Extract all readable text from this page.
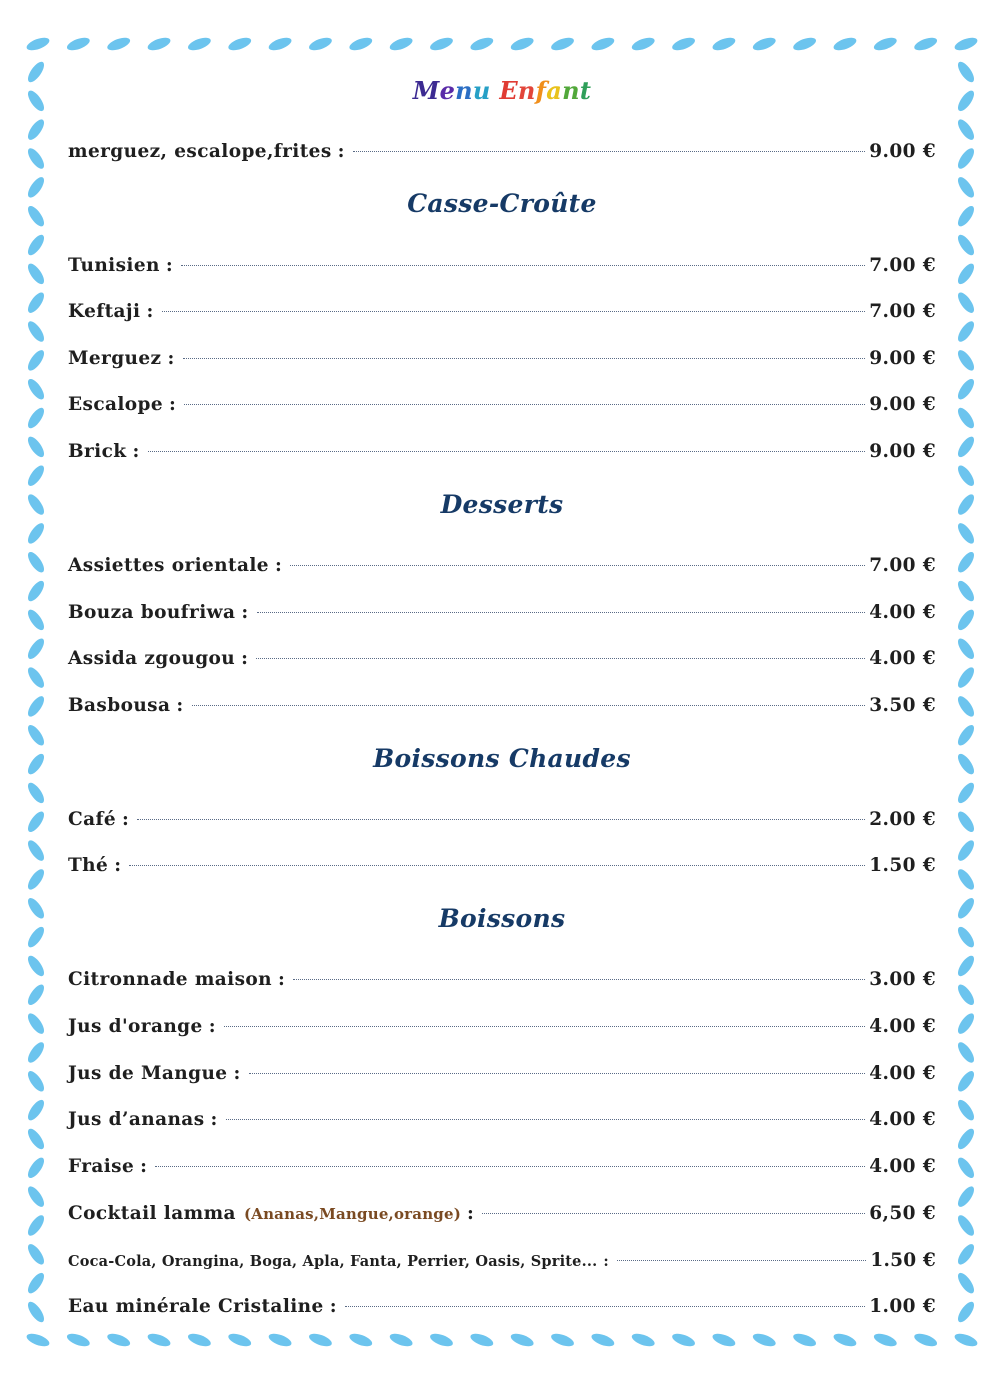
Menu Enfant
merguez, escalope,frites :	9.00 €
Casse-Croûte
Tunisien :	7.00 €
Keftaji :	7.00 €
Merguez :	9.00 €
Escalope :	9.00 €
Brick :	9.00 €
Desserts
Assiettes orientale :	7.00 €
Bouza boufriwa :	4.00 €
Assida zgougou :	4.00 €
Basbousa :	3.50 €
Boissons Chaudes
Café :	2.00 €
Thé :	1.50 €
Boissons
Citronnade maison :	3.00 €
Jus d'orange :	4.00 €
Jus de Mangue :	4.00 €
Jus d’ananas :	4.00 €
Fraise :	4.00 €
Cocktail lamma (Ananas,Mangue,orange) :	6,50 €
Coca-Cola, Orangina, Boga, Apla, Fanta, Perrier, Oasis, Sprite... :	1.50 €
Eau minérale Cristaline :	1.00 €
